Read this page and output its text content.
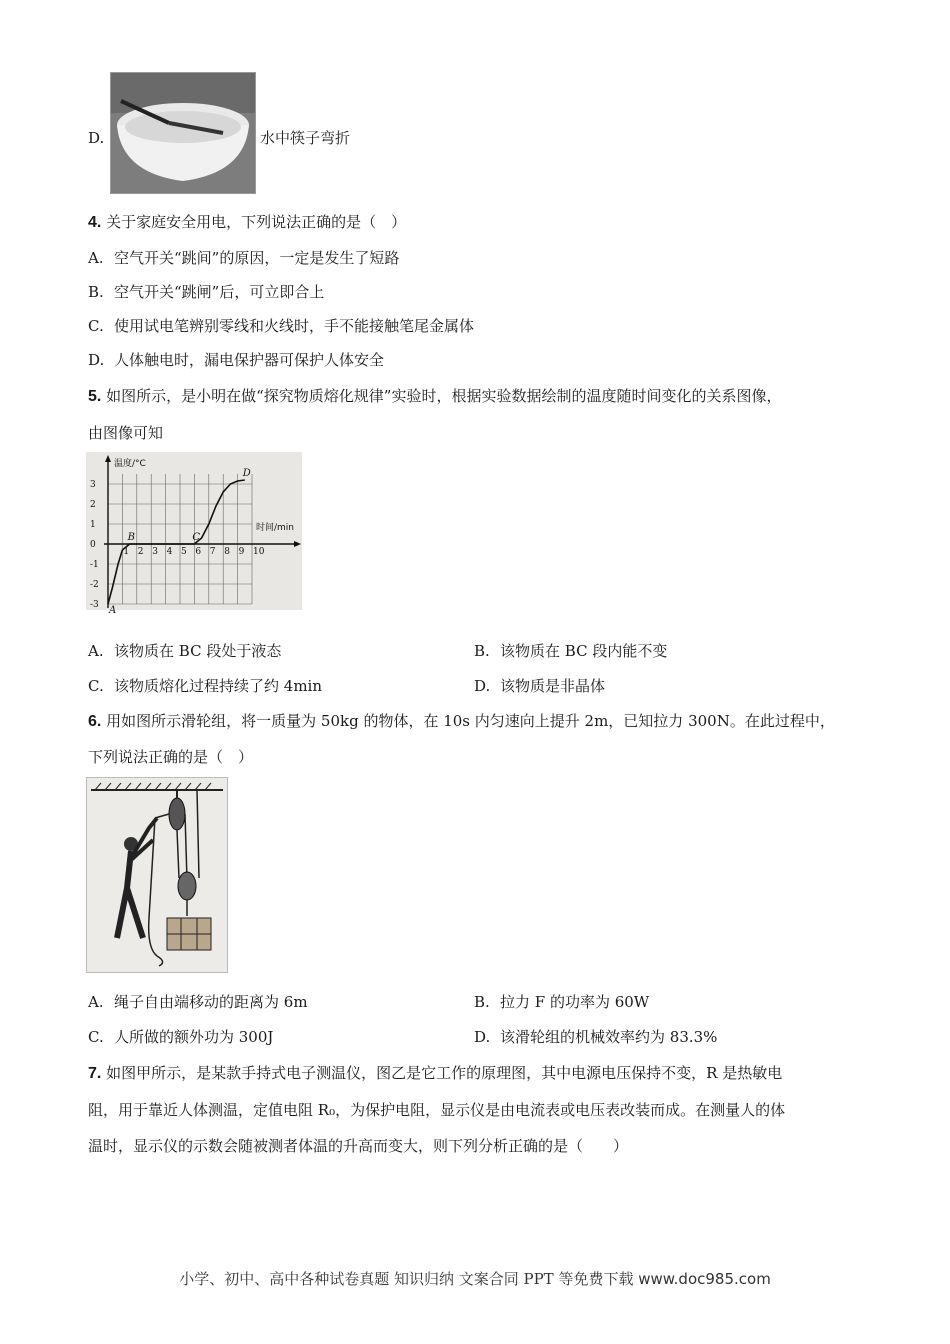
D.	水中筷子弯折
4. 关于家庭安全用电，下列说法正确的是（　）
A. 空气开关“跳间”的原因，一定是发生了短路
B. 空气开关“跳闸”后，可立即合上
C. 使用试电笔辨别零线和火线时，手不能接触笔尾金属体
D. 人体触电时，漏电保护器可保护人体安全
5. 如图所示，是小明在做“探究物质熔化规律”实验时，根据实验数据绘制的温度随时间变化的关系图像，
由图像可知
1 2 3 4 5 6 7 8 9 10
-3
-2
-1
0
1
2
3
温度/°C
时间/min
A
B	C
D
A. 该物质在 BC 段处于液态	B. 该物质在 BC 段内能不变
C. 该物质熔化过程持续了约 4min	D. 该物质是非晶体
6. 用如图所示滑轮组，将一质量为 50kg 的物体，在 10s 内匀速向上提升 2m，已知拉力 300N。在此过程中，
下列说法正确的是（　）
A. 绳子自由端移动的距离为 6m	B. 拉力 F 的功率为 60W
C. 人所做的额外功为 300J	D. 该滑轮组的机械效率约为 83.3%
7. 如图甲所示，是某款手持式电子测温仪，图乙是它工作的原理图，其中电源电压保持不变，R 是热敏电
阻，用于靠近人体测温，定值电阻 R₀，为保护电阻，显示仪是由电流表或电压表改装而成。在测量人的体
温时，显示仪的示数会随被测者体温的升高而变大，则下列分析正确的是（　　）
小学、初中、高中各种试卷真题 知识归纳 文案合同 PPT 等免费下载 www.doc985.com
